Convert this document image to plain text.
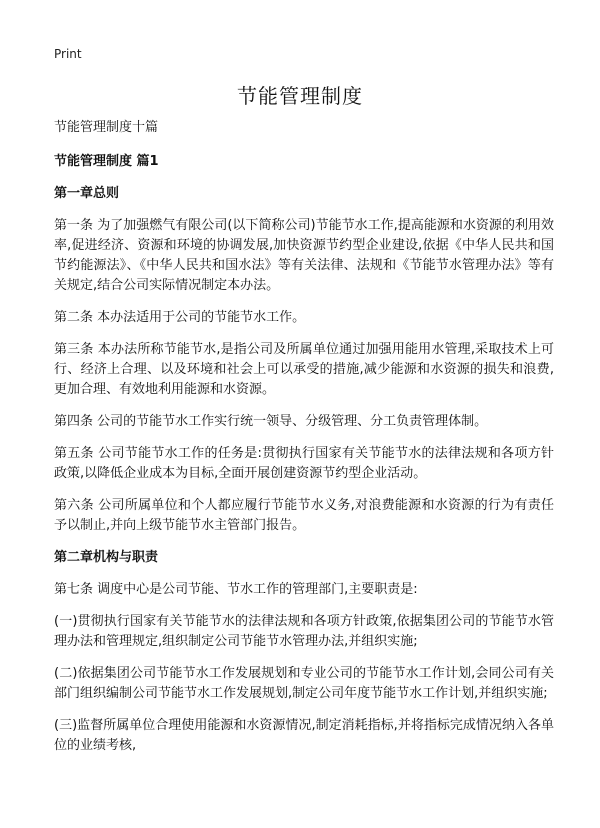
Print
节能管理制度

节能管理制度十篇

节能管理制度 篇1

第一章总则

第一条 为了加强燃气有限公司(以下简称公司)节能节水工作,提高能源和水资源的利用效率,促进经济、资源和环境的协调发展,加快资源节约型企业建设,依据《中华人民共和国节约能源法》、《中华人民共和国水法》等有关法律、法规和《节能节水管理办法》等有关规定,结合公司实际情况制定本办法。

第二条 本办法适用于公司的节能节水工作。

第三条 本办法所称节能节水,是指公司及所属单位通过加强用能用水管理,采取技术上可行、经济上合理、以及环境和社会上可以承受的措施,减少能源和水资源的损失和浪费,更加合理、有效地利用能源和水资源。

第四条 公司的节能节水工作实行统一领导、分级管理、分工负责管理体制。

第五条 公司节能节水工作的任务是:贯彻执行国家有关节能节水的法律法规和各项方针政策,以降低企业成本为目标,全面开展创建资源节约型企业活动。

第六条 公司所属单位和个人都应履行节能节水义务,对浪费能源和水资源的行为有责任予以制止,并向上级节能节水主管部门报告。

第二章机构与职责

第七条 调度中心是公司节能、节水工作的管理部门,主要职责是:

(一)贯彻执行国家有关节能节水的法律法规和各项方针政策,依据集团公司的节能节水管理办法和管理规定,组织制定公司节能节水管理办法,并组织实施;

(二)依据集团公司节能节水工作发展规划和专业公司的节能节水工作计划,会同公司有关部门组织编制公司节能节水工作发展规划,制定公司年度节能节水工作计划,并组织实施;

(三)监督所属单位合理使用能源和水资源情况,制定消耗指标,并将指标完成情况纳入各单位的业绩考核,
